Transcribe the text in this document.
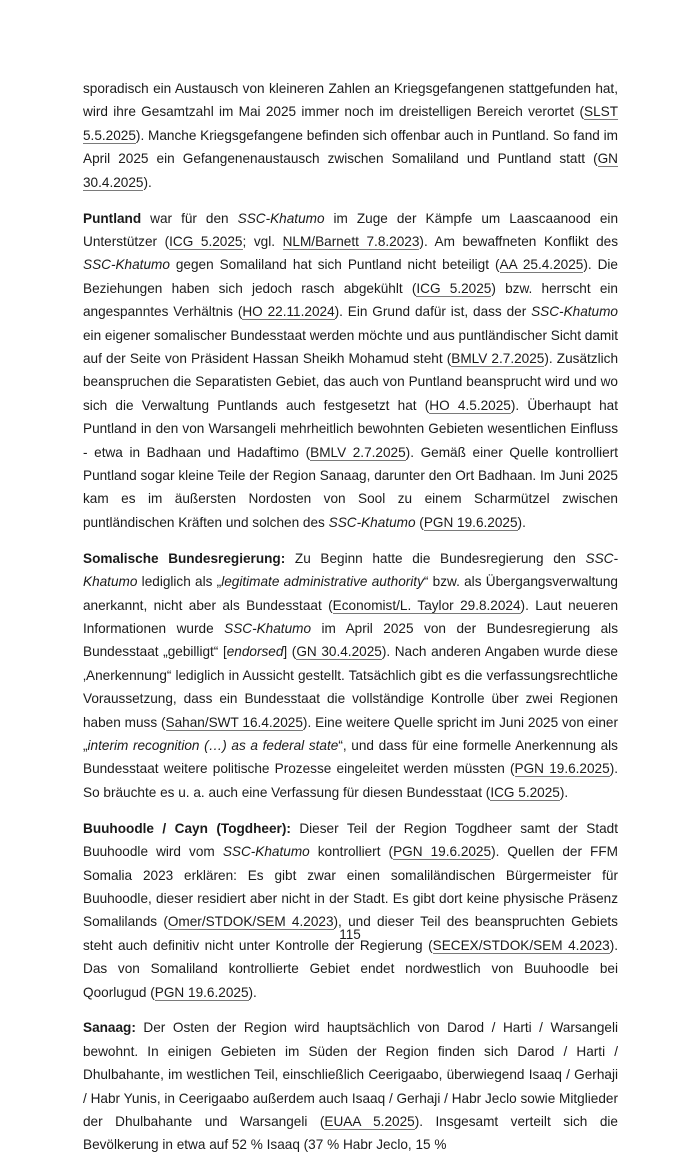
sporadisch ein Austausch von kleineren Zahlen an Kriegsgefangenen stattgefunden hat, wird ihre Gesamtzahl im Mai 2025 immer noch im dreistelligen Bereich verortet (SLST 5.5.2025). Manche Kriegsgefangene befinden sich offenbar auch in Puntland. So fand im April 2025 ein Gefangenenaustausch zwischen Somaliland und Puntland statt (GN 30.4.2025).

Puntland war für den SSC-Khatumo im Zuge der Kämpfe um Laascaanood ein Unterstützer (ICG 5.2025; vgl. NLM/Barnett 7.8.2023). Am bewaffneten Konflikt des SSC-Khatumo gegen Somaliland hat sich Puntland nicht beteiligt (AA 25.4.2025). Die Beziehungen haben sich jedoch rasch abgekühlt (ICG 5.2025) bzw. herrscht ein angespanntes Verhältnis (HO 22.11.2024). Ein Grund dafür ist, dass der SSC-Khatumo ein eigener somalischer Bundesstaat werden möchte und aus puntländischer Sicht damit auf der Seite von Präsident Hassan Sheikh Mohamud steht (BMLV 2.7.2025). Zusätzlich beanspruchen die Separatisten Gebiet, das auch von Puntland beansprucht wird und wo sich die Verwaltung Puntlands auch festgesetzt hat (HO 4.5.2025). Überhaupt hat Puntland in den von Warsangeli mehrheitlich bewohnten Gebieten wesentlichen Einfluss - etwa in Badhaan und Hadaftimo (BMLV 2.7.2025). Gemäß einer Quelle kontrolliert Puntland sogar kleine Teile der Region Sanaag, darunter den Ort Badhaan. Im Juni 2025 kam es im äußersten Nordosten von Sool zu einem Scharmützel zwischen puntländischen Kräften und solchen des SSC-Khatumo (PGN 19.6.2025).

Somalische Bundesregierung: Zu Beginn hatte die Bundesregierung den SSC-Khatumo lediglich als „legitimate administrative authority“ bzw. als Übergangsverwaltung anerkannt, nicht aber als Bundesstaat (Economist/L. Taylor 29.8.2024). Laut neueren Informationen wurde SSC-Khatumo im April 2025 von der Bundesregierung als Bundesstaat „gebilligt“ [endorsed] (GN 30.4.2025). Nach anderen Angaben wurde diese ‚Anerkennung“ lediglich in Aussicht gestellt. Tatsächlich gibt es die verfassungsrechtliche Voraussetzung, dass ein Bundesstaat die vollständige Kontrolle über zwei Regionen haben muss (Sahan/SWT 16.4.2025). Eine weitere Quelle spricht im Juni 2025 von einer „interim recognition (…) as a federal state“, und dass für eine formelle Anerkennung als Bundesstaat weitere politische Prozesse eingeleitet werden müssten (PGN 19.6.2025). So bräuchte es u. a. auch eine Verfassung für diesen Bundesstaat (ICG 5.2025).

Buuhoodle / Cayn (Togdheer): Dieser Teil der Region Togdheer samt der Stadt Buuhoodle wird vom SSC-Khatumo kontrolliert (PGN 19.6.2025). Quellen der FFM Somalia 2023 erklären: Es gibt zwar einen somaliländischen Bürgermeister für Buuhoodle, dieser residiert aber nicht in der Stadt. Es gibt dort keine physische Präsenz Somalilands (Omer/STDOK/SEM 4.2023), und dieser Teil des beanspruchten Gebiets steht auch definitiv nicht unter Kontrolle der Regierung (SECEX/STDOK/SEM 4.2023). Das von Somaliland kontrollierte Gebiet endet nordwestlich von Buuhoodle bei Qoorlugud (PGN 19.6.2025).

Sanaag: Der Osten der Region wird hauptsächlich von Darod / Harti / Warsangeli bewohnt. In einigen Gebieten im Süden der Region finden sich Darod / Harti / Dhulbahante, im westlichen Teil, einschließlich Ceerigaabo, überwiegend Isaaq / Gerhaji / Habr Yunis, in Ceerigaabo außerdem auch Isaaq / Gerhaji / Habr Jeclo sowie Mitglieder der Dhulbahante und Warsangeli (EUAA 5.2025). Insgesamt verteilt sich die Bevölkerung in etwa auf 52 % Isaaq (37 % Habr Jeclo, 15 %

115
